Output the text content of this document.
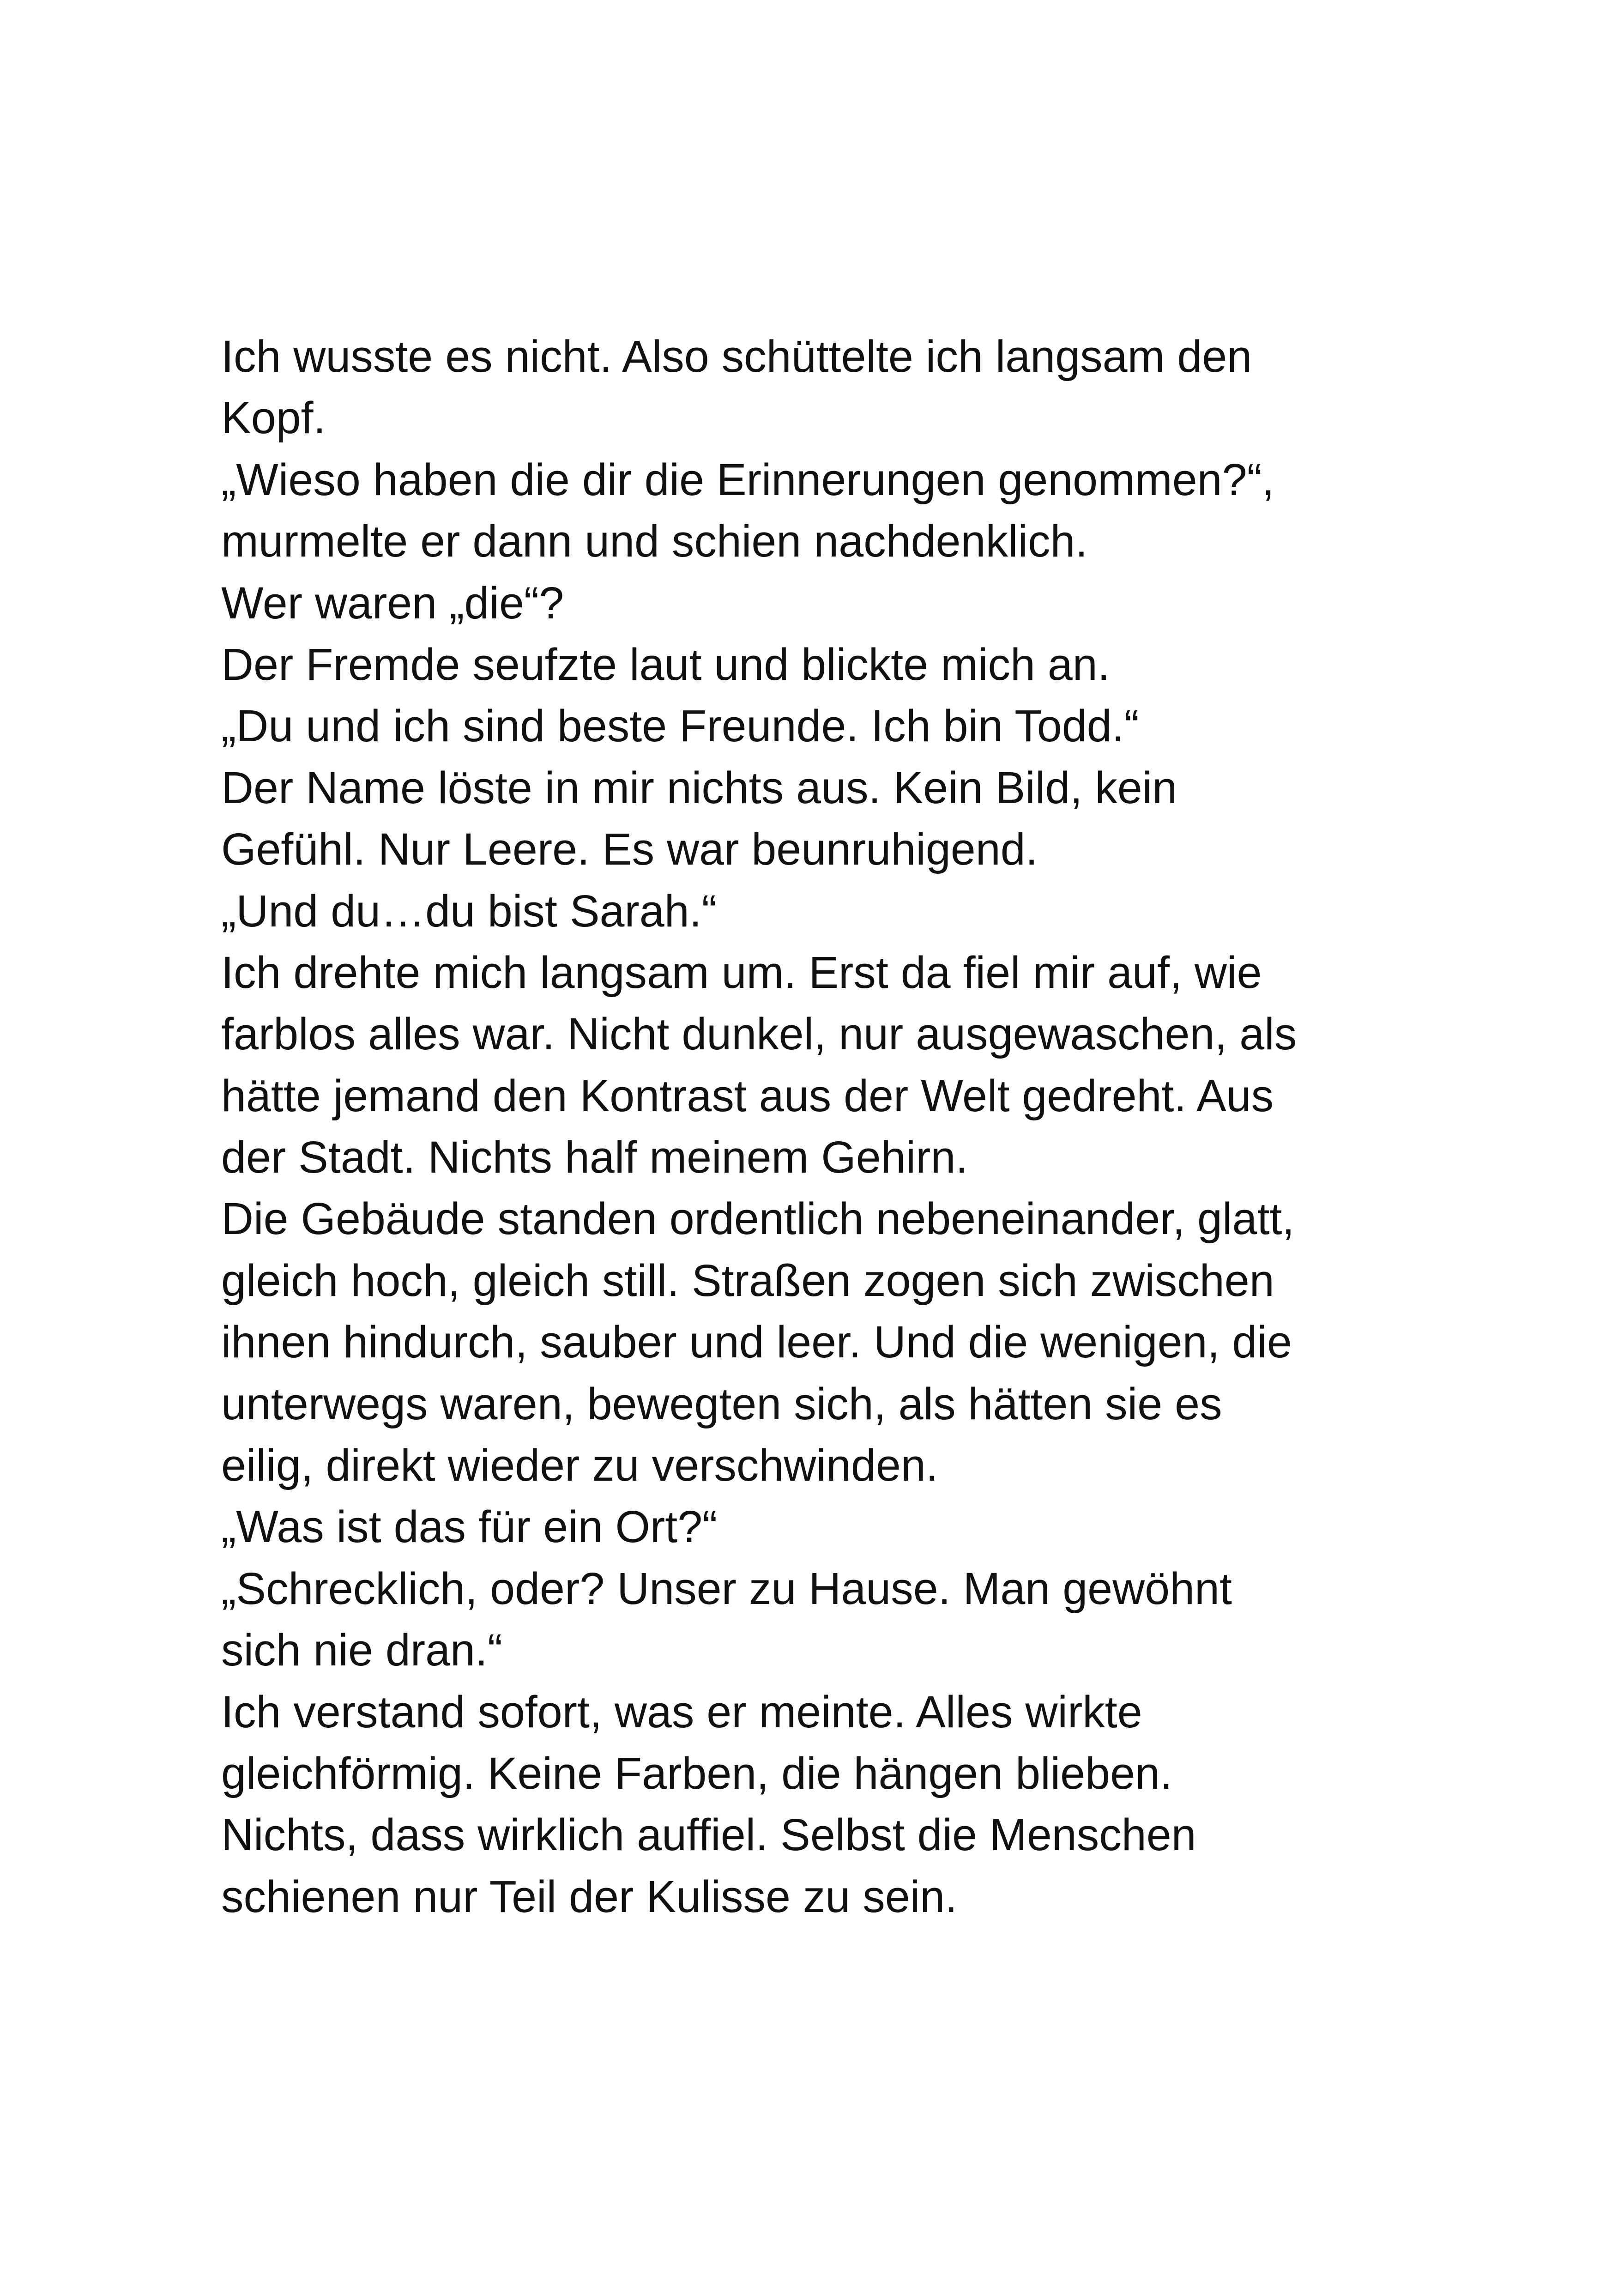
Ich wusste es nicht. Also schüttelte ich langsam den
Kopf.
„Wieso haben die dir die Erinnerungen genommen?“,
murmelte er dann und schien nachdenklich.
Wer waren „die“?
Der Fremde seufzte laut und blickte mich an.
„Du und ich sind beste Freunde. Ich bin Todd.“
Der Name löste in mir nichts aus. Kein Bild, kein
Gefühl. Nur Leere. Es war beunruhigend.
„Und du…du bist Sarah.“
Ich drehte mich langsam um. Erst da fiel mir auf, wie
farblos alles war. Nicht dunkel, nur ausgewaschen, als
hätte jemand den Kontrast aus der Welt gedreht. Aus
der Stadt. Nichts half meinem Gehirn.
Die Gebäude standen ordentlich nebeneinander, glatt,
gleich hoch, gleich still. Straßen zogen sich zwischen
ihnen hindurch, sauber und leer. Und die wenigen, die
unterwegs waren, bewegten sich, als hätten sie es
eilig, direkt wieder zu verschwinden.
„Was ist das für ein Ort?“
„Schrecklich, oder? Unser zu Hause. Man gewöhnt
sich nie dran.“
Ich verstand sofort, was er meinte. Alles wirkte
gleichförmig. Keine Farben, die hängen blieben.
Nichts, dass wirklich auffiel. Selbst die Menschen
schienen nur Teil der Kulisse zu sein.
